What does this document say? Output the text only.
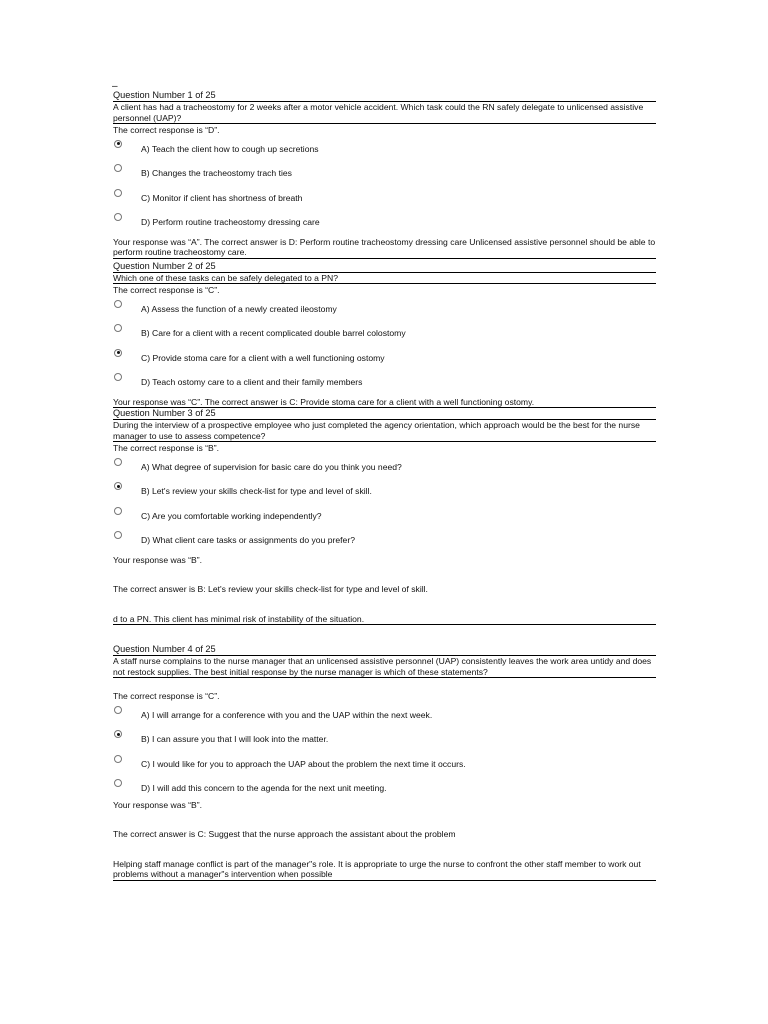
–
Question Number 1 of 25
A client has had a tracheostomy for 2 weeks after a motor vehicle accident. Which task could the RN safely delegate to unlicensed assistive personnel (UAP)?
The correct response is “D”.
A) Teach the client how to cough up secretions
B) Changes the tracheostomy trach ties
C) Monitor if client has shortness of breath
D) Perform routine tracheostomy dressing care
Your response was “A”. The correct answer is D: Perform routine tracheostomy dressing care Unlicensed assistive personnel should be able to perform routine tracheostomy care.
Question Number 2 of 25
Which one of these tasks can be safely delegated to a PN?
The correct response is “C”.
A) Assess the function of a newly created ileostomy
B) Care for a client with a recent complicated double barrel colostomy
C) Provide stoma care for a client with a well functioning ostomy
D) Teach ostomy care to a client and their family members
Your response was “C”. The correct answer is C: Provide stoma care for a client with a well functioning ostomy.
Question Number 3 of 25
During the interview of a prospective employee who just completed the agency orientation, which approach would be the best for the nurse manager to use to assess competence?
The correct response is “B”.
A) What degree of supervision for basic care do you think you need?
B) Let's review your skills check-list for type and level of skill.
C) Are you comfortable working independently?
D) What client care tasks or assignments do you prefer?
Your response was “B”.
The correct answer is B: Let's review your skills check-list for type and level of skill.
d to a PN. This client has minimal risk of instability of the situation.
Question Number 4 of 25
A staff nurse complains to the nurse manager that an unlicensed assistive personnel (UAP) consistently leaves the work area untidy and does not restock supplies. The best initial response by the nurse manager is which of these statements?
The correct response is “C”.
A) I will arrange for a conference with you and the UAP within the next week.
B) I can assure you that I will look into the matter.
C) I would like for you to approach the UAP about the problem the next time it occurs.
D) I will add this concern to the agenda for the next unit meeting.
Your response was “B”.
The correct answer is C: Suggest that the nurse approach the assistant about the problem
Helping staff manage conflict is part of the manager"s role. It is appropriate to urge the nurse to confront the other staff member to work out problems without a manager"s intervention when possible
